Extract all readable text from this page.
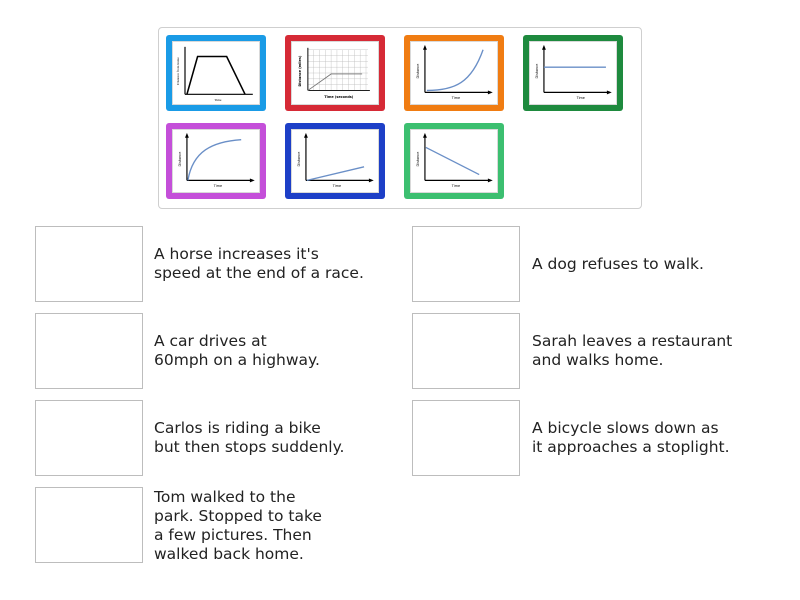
Distance from home
Time
Distance (miles)
Time (seconds)
Distance
Time
Distance
Time
Distance
Time
Distance
Time
Distance
Time
A horse increases it's
speed at the end of a race.
A dog refuses to walk.
A car drives at
60mph on a highway.
Sarah leaves a restaurant
and walks home.
Carlos is riding a bike
but then stops suddenly.
A bicycle slows down as
it approaches a stoplight.
Tom walked to the
park. Stopped to take
a few pictures. Then
walked back home.
